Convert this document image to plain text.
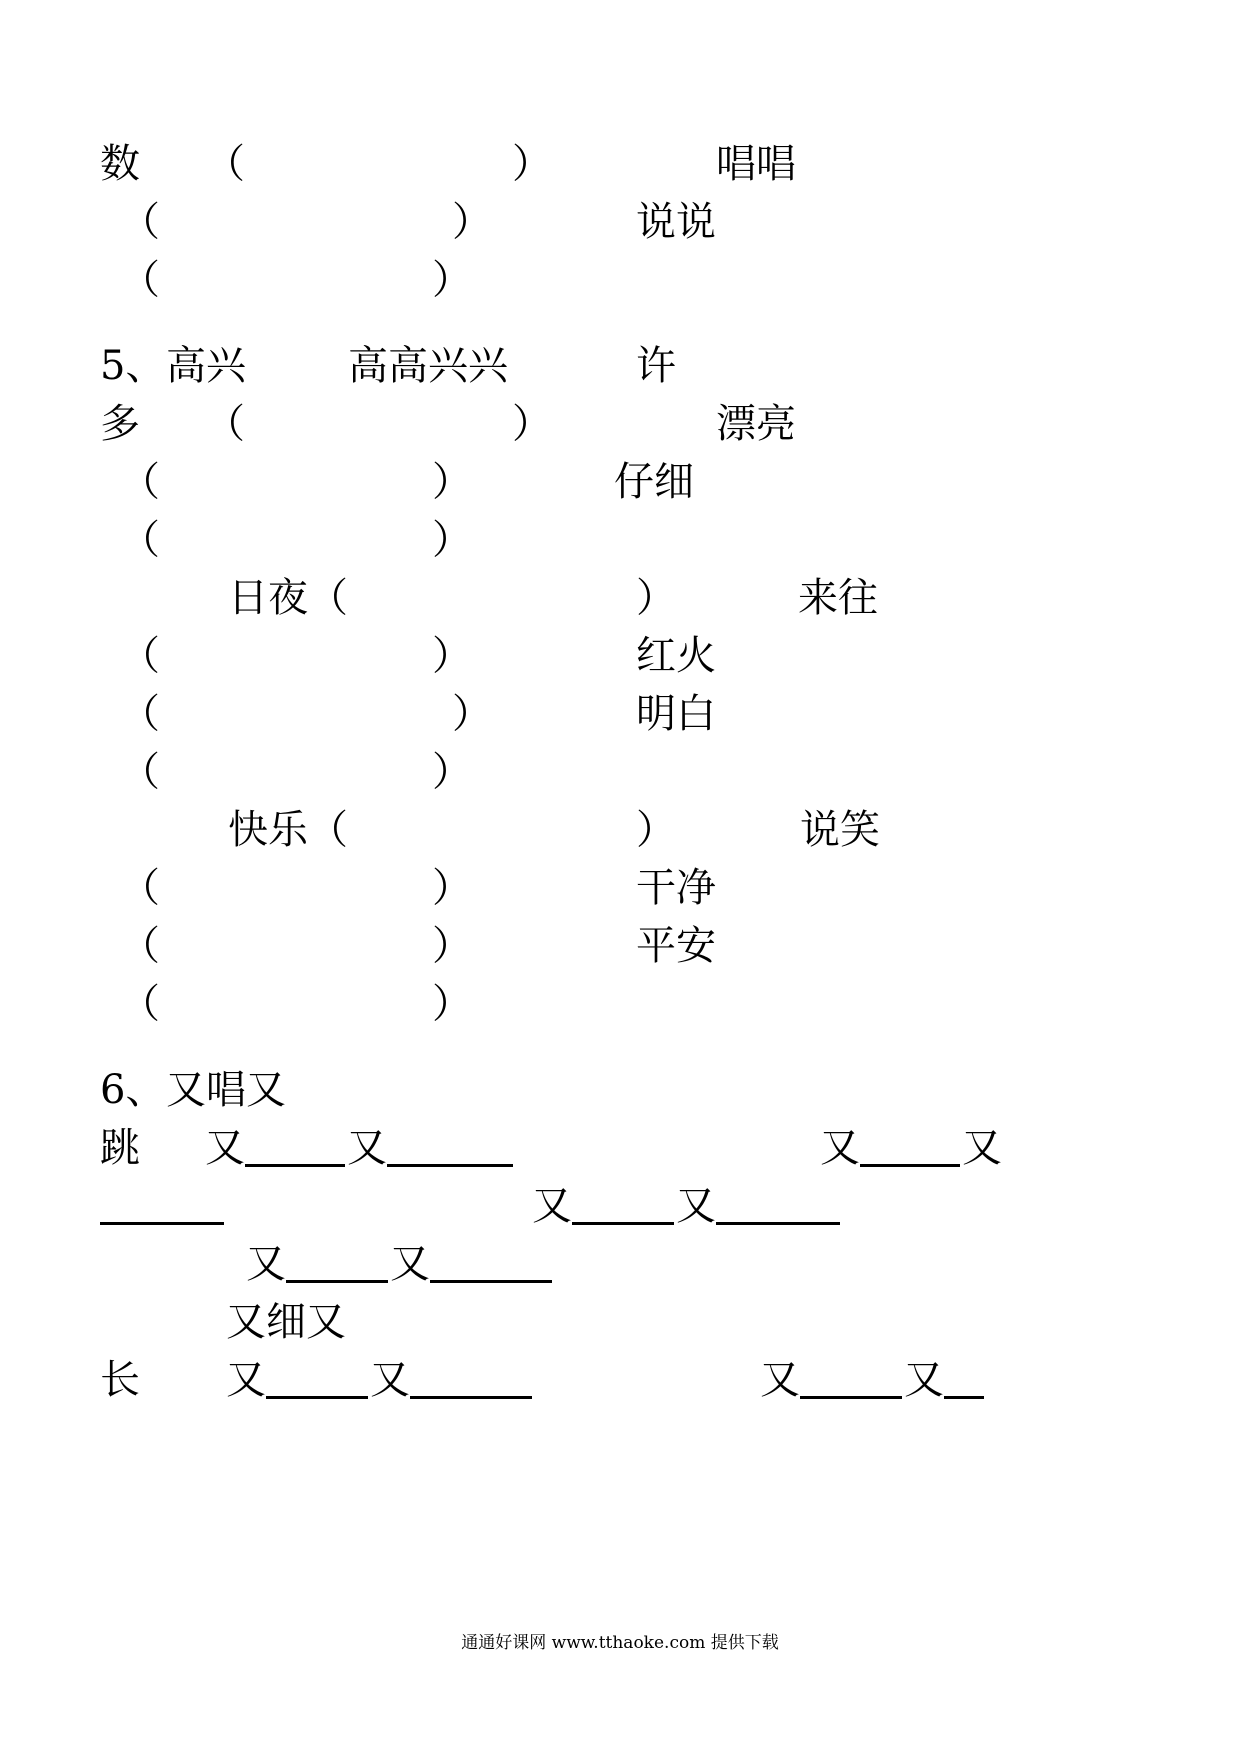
数 （	）	唱唱
（	）	说说
（	）
5、 高兴	高高兴兴	许
多 （	）	漂亮
（	）	仔细
（	）
日夜（	）	来往
（	）	红火
（	）	明白
（	）
快乐（	）	说笑
（	）	干净
（	）	平安
（	）
6、 又唱又
跳 又	又	又	又
又	又
又	又
又细又
长 又	又	又	又
通通好课网 www.tthaoke.com 提供下载
